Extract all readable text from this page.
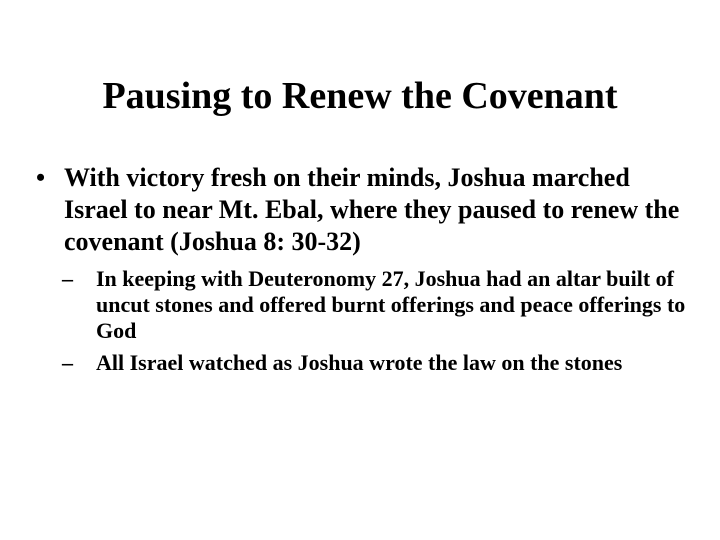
Pausing to Renew the Covenant
• With victory fresh on their minds, Joshua marched Israel to near Mt. Ebal, where they paused to renew the covenant (Joshua 8: 30-32)
– In keeping with Deuteronomy 27, Joshua had an altar built of uncut stones and offered burnt offerings and peace offerings to God
– All Israel watched as Joshua wrote the law on the stones
